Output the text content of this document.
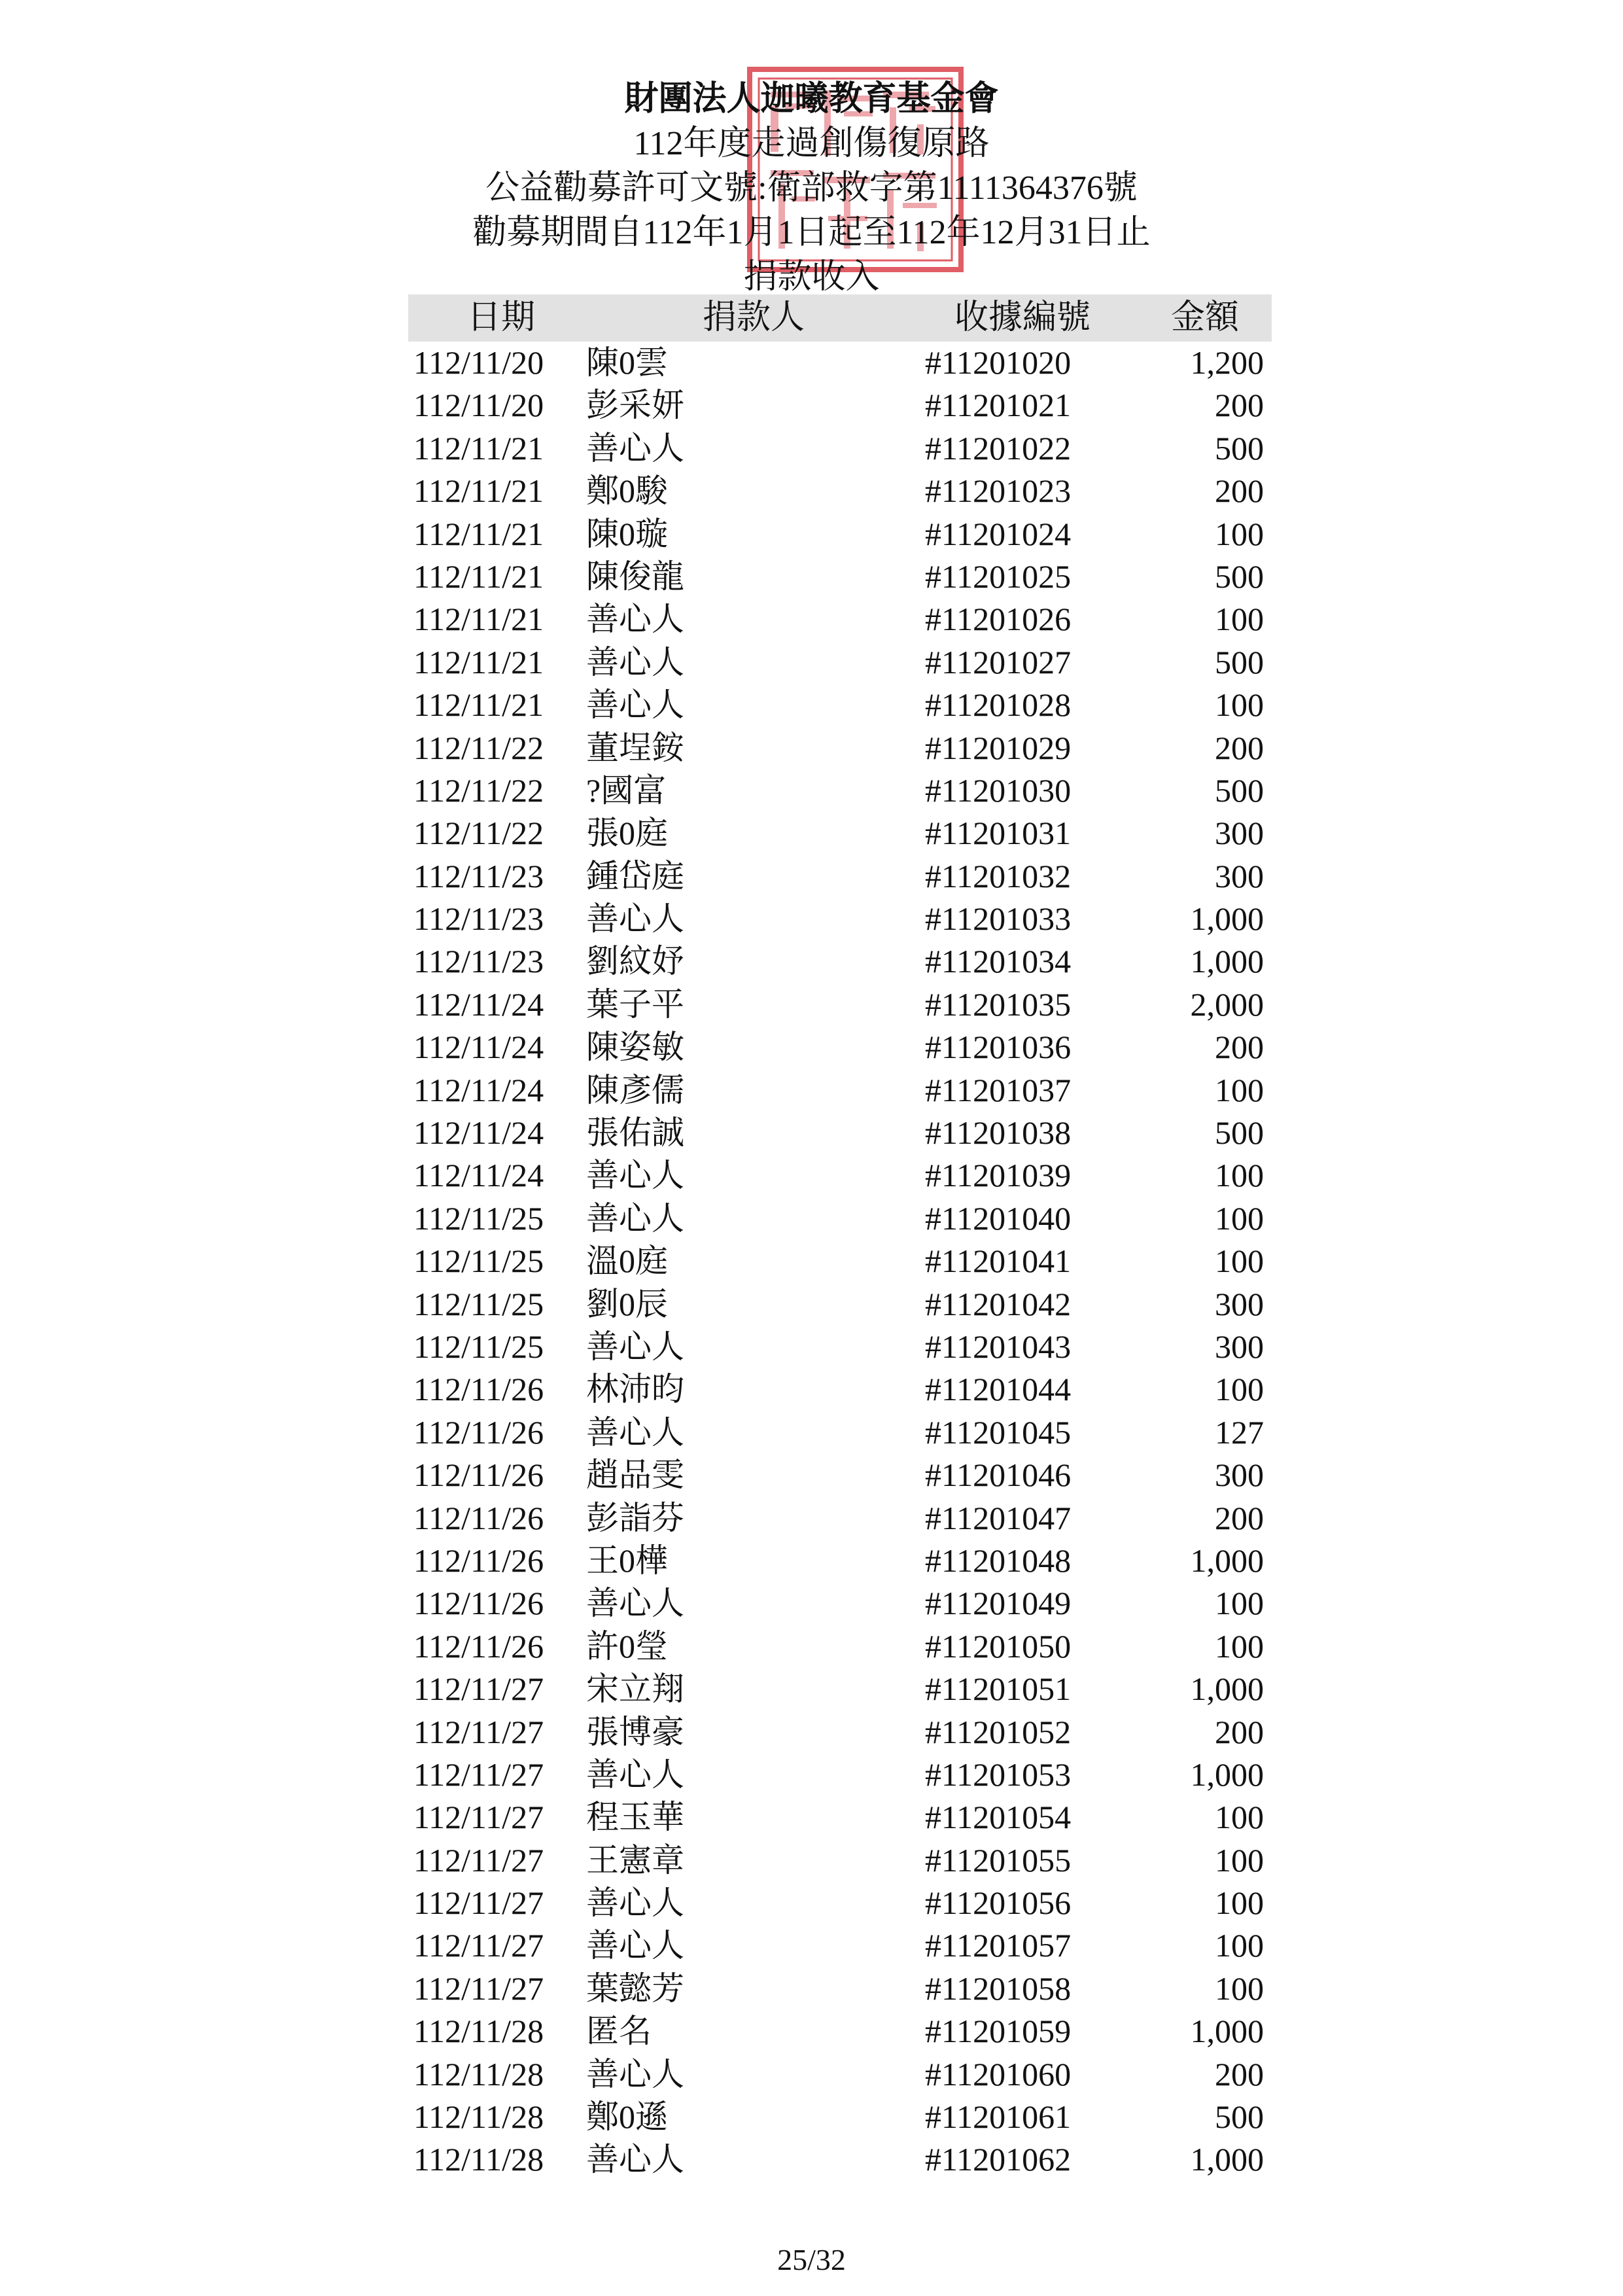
財團法人迦曦教育基金會
112年度走過創傷復原路
公益勸募許可文號:衛部救字第1111364376號
勸募期間自112年1月1日起至112年12月31日止
捐款收入
日期	捐款人	收據編號 金額
112/11/20 陳0雲	#11201020	1,200
112/11/20 彭采妍	#11201021	200
112/11/21 善心人	#11201022	500
112/11/21 鄭0駿	#11201023	200
112/11/21 陳0璇	#11201024	100
112/11/21 陳俊龍	#11201025	500
112/11/21 善心人	#11201026	100
112/11/21 善心人	#11201027	500
112/11/21 善心人	#11201028	100
112/11/22 董埕銨	#11201029	200
112/11/22 ?國富	#11201030	500
112/11/22 張0庭	#11201031	300
112/11/23 鍾岱庭	#11201032	300
112/11/23 善心人	#11201033	1,000
112/11/23 劉紋妤	#11201034	1,000
112/11/24 葉子平	#11201035	2,000
112/11/24 陳姿敏	#11201036	200
112/11/24 陳彥儒	#11201037	100
112/11/24 張佑誠	#11201038	500
112/11/24 善心人	#11201039	100
112/11/25 善心人	#11201040	100
112/11/25 溫0庭	#11201041	100
112/11/25 劉0辰	#11201042	300
112/11/25 善心人	#11201043	300
112/11/26 林沛昀	#11201044	100
112/11/26 善心人	#11201045	127
112/11/26 趙品雯	#11201046	300
112/11/26 彭詣芬	#11201047	200
112/11/26 王0樺	#11201048	1,000
112/11/26 善心人	#11201049	100
112/11/26 許0瑩	#11201050	100
112/11/27 宋立翔	#11201051	1,000
112/11/27 張博豪	#11201052	200
112/11/27 善心人	#11201053	1,000
112/11/27 程玉華	#11201054	100
112/11/27 王憲章	#11201055	100
112/11/27 善心人	#11201056	100
112/11/27 善心人	#11201057	100
112/11/27 葉懿芳	#11201058	100
112/11/28 匿名	#11201059	1,000
112/11/28 善心人	#11201060	200
112/11/28 鄭0遜	#11201061	500
112/11/28 善心人	#11201062	1,000
25/32
